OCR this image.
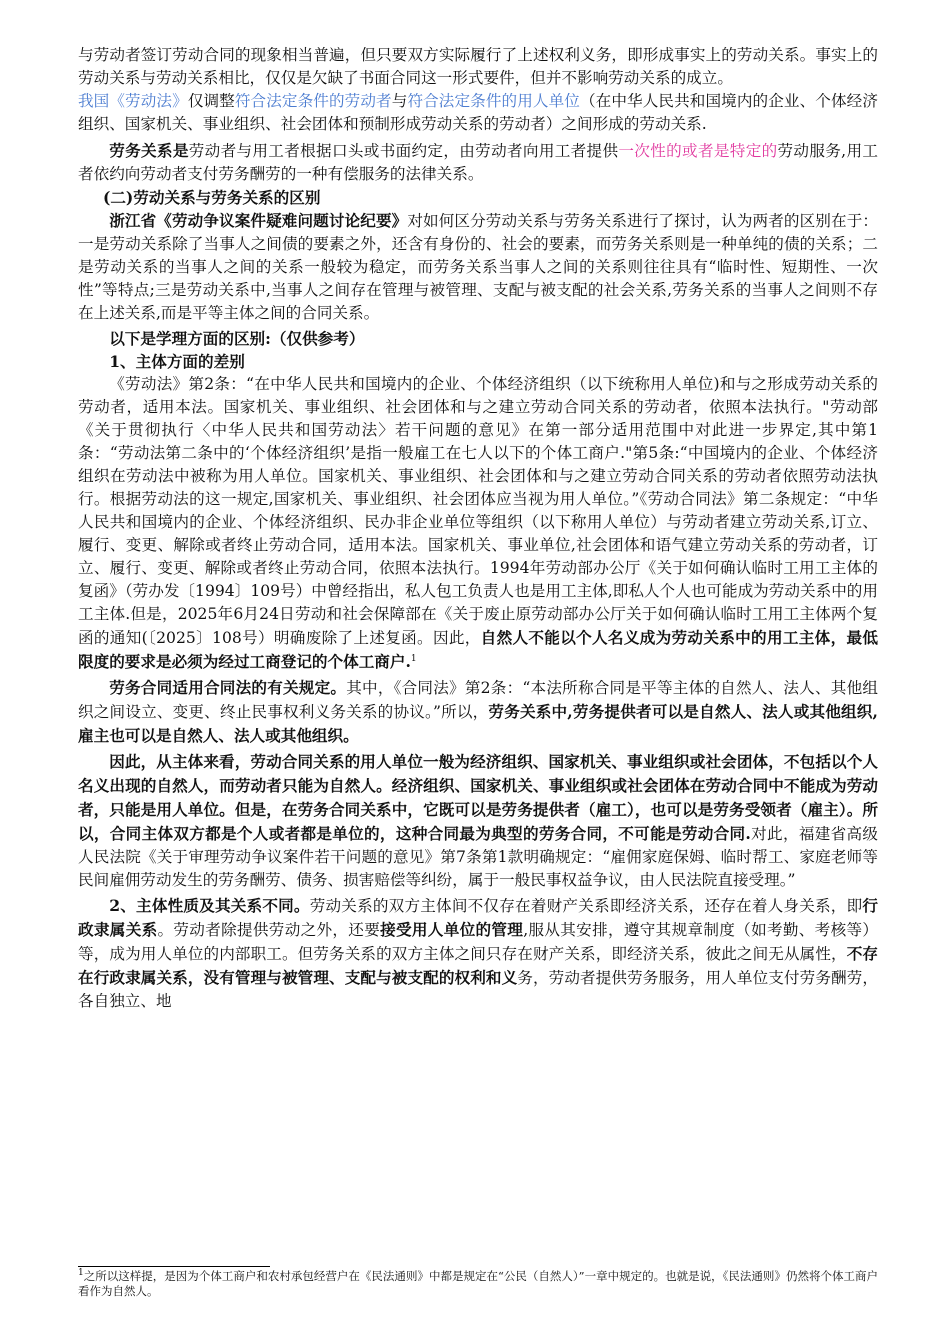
与劳动者签订劳动合同的现象相当普遍，但只要双方实际履行了上述权利义务，即形成事实上的劳动关系。事实上的劳动关系与劳动关系相比，仅仅是欠缺了书面合同这一形式要件，但并不影响劳动关系的成立。

我国《劳动法》仅调整符合法定条件的劳动者与符合法定条件的用人单位（在中华人民共和国境内的企业、个体经济组织、国家机关、事业组织、社会团体和预制形成劳动关系的劳动者）之间形成的劳动关系.

劳务关系是劳动者与用工者根据口头或书面约定，由劳动者向用工者提供一次性的或者是特定的劳动服务,用工者依约向劳动者支付劳务酬劳的一种有偿服务的法律关系。

(二)劳动关系与劳务关系的区别

浙江省《劳动争议案件疑难问题讨论纪要》对如何区分劳动关系与劳务关系进行了探讨，认为两者的区别在于：一是劳动关系除了当事人之间债的要素之外，还含有身份的、社会的要素，而劳务关系则是一种单纯的债的关系；二是劳动关系的当事人之间的关系一般较为稳定，而劳务关系当事人之间的关系则往往具有“临时性、短期性、一次性”等特点;三是劳动关系中,当事人之间存在管理与被管理、支配与被支配的社会关系,劳务关系的当事人之间则不存在上述关系,而是平等主体之间的合同关系。

以下是学理方面的区别:（仅供参考）

1、主体方面的差别

《劳动法》第2条：“在中华人民共和国境内的企业、个体经济组织（以下统称用人单位)和与之形成劳动关系的劳动者，适用本法。国家机关、事业组织、社会团体和与之建立劳动合同关系的劳动者，依照本法执行。"劳动部《关于贯彻执行〈中华人民共和国劳动法〉若干问题的意见》在第一部分适用范围中对此进一步界定,其中第1条：“劳动法第二条中的‘个体经济组织’是指一般雇工在七人以下的个体工商户."第5条:“中国境内的企业、个体经济组织在劳动法中被称为用人单位。国家机关、事业组织、社会团体和与之建立劳动合同关系的劳动者依照劳动法执行。根据劳动法的这一规定,国家机关、事业组织、社会团体应当视为用人单位。”《劳动合同法》第二条规定：“中华人民共和国境内的企业、个体经济组织、民办非企业单位等组织（以下称用人单位）与劳动者建立劳动关系,订立、履行、变更、解除或者终止劳动合同，适用本法。国家机关、事业单位,社会团体和语气建立劳动关系的劳动者，订立、履行、变更、解除或者终止劳动合同，依照本法执行。1994年劳动部办公厅《关于如何确认临时工用工主体的复函》（劳办发〔1994〕109号）中曾经指出，私人包工负责人也是用工主体,即私人个人也可能成为劳动关系中的用工主体.但是，2025年6月24日劳动和社会保障部在《关于废止原劳动部办公厅关于如何确认临时工用工主体两个复函的通知(〔2025〕108号）明确废除了上述复函。因此，自然人不能以个人名义成为劳动关系中的用工主体，最低限度的要求是必须为经过工商登记的个体工商户.$^1$

劳务合同适用合同法的有关规定。其中，《合同法》第2条：“本法所称合同是平等主体的自然人、法人、其他组织之间设立、变更、终止民事权利义务关系的协议。”所以，劳务关系中,劳务提供者可以是自然人、法人或其他组织,雇主也可以是自然人、法人或其他组织。

因此，从主体来看，劳动合同关系的用人单位一般为经济组织、国家机关、事业组织或社会团体，不包括以个人名义出现的自然人，而劳动者只能为自然人。经济组织、国家机关、事业组织或社会团体在劳动合同中不能成为劳动者，只能是用人单位。但是，在劳务合同关系中，它既可以是劳务提供者（雇工），也可以是劳务受领者（雇主）。所以，合同主体双方都是个人或者都是单位的，这种合同最为典型的劳务合同，不可能是劳动合同.对此，福建省高级人民法院《关于审理劳动争议案件若干问题的意见》第7条第1款明确规定：“雇佣家庭保姆、临时帮工、家庭老师等民间雇佣劳动发生的劳务酬劳、债务、损害赔偿等纠纷，属于一般民事权益争议，由人民法院直接受理。”

2、主体性质及其关系不同。劳动关系的双方主体间不仅存在着财产关系即经济关系，还存在着人身关系，即行政隶属关系。劳动者除提供劳动之外，还要接受用人单位的管理,服从其安排，遵守其规章制度（如考勤、考核等）等，成为用人单位的内部职工。但劳务关系的双方主体之间只存在财产关系，即经济关系，彼此之间无从属性，不存在行政隶属关系，没有管理与被管理、支配与被支配的权利和义务，劳动者提供劳务服务，用人单位支付劳务酬劳，各自独立、地

$^1$之所以这样提，是因为个体工商户和农村承包经营户在《民法通则》中都是规定在“公民（自然人）”一章中规定的。也就是说，《民法通则》仍然将个体工商户看作为自然人。
